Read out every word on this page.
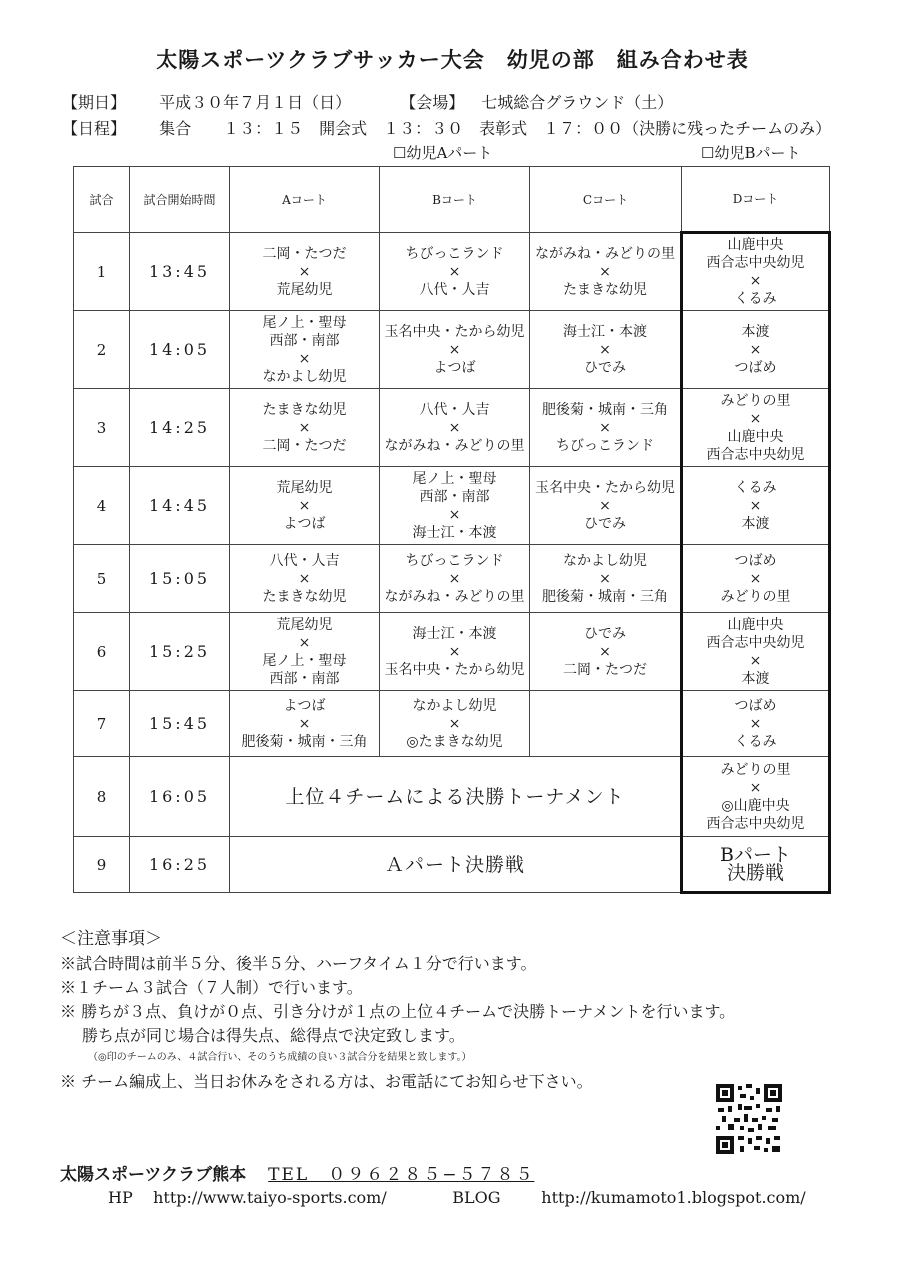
太陽スポーツクラブサッカー大会　幼児の部　組み合わせ表
【期日】 平成３０年７月１日（日）	【会場】 七城総合グラウンド（土）
【日程】 集合　　１３：１５　開会式　１３：３０　表彰式　１７：００（決勝に残ったチームのみ）
☐幼児Aパート	☐幼児Bパート
試合	試合開始時間	Aコート	Bコート	Cコート	Dコート
1	13:45	二岡・たつだ
×
荒尾幼児	ちびっこランド
×
八代・人吉	ながみね・みどりの里
×
たまきな幼児	山鹿中央
西合志中央幼児
×
くるみ

2	14:05	尾ノ上・聖母
西部・南部
×
なかよし幼児	玉名中央・たから幼児
×
よつば	海士江・本渡
×
ひでみ	本渡
×
つばめ

3	14:25	たまきな幼児
×
二岡・たつだ	八代・人吉
×
ながみね・みどりの里	肥後菊・城南・三角
×
ちびっこランド	みどりの里
×
山鹿中央
西合志中央幼児

4	14:45	荒尾幼児
×
よつば	尾ノ上・聖母
西部・南部
×
海士江・本渡	玉名中央・たから幼児
×
ひでみ	くるみ
×
本渡

5	15:05	八代・人吉
×
たまきな幼児	ちびっこランド
×
ながみね・みどりの里	なかよし幼児
×
肥後菊・城南・三角	つばめ
×
みどりの里

6	15:25	荒尾幼児
×
尾ノ上・聖母
西部・南部	海士江・本渡
×
玉名中央・たから幼児	ひでみ
×
二岡・たつだ	山鹿中央
西合志中央幼児
×
本渡

7	15:45	よつば
×
肥後菊・城南・三角	なかよし幼児
×
◎たまきな幼児		つばめ
×
くるみ

8	16:05	上位４チームによる決勝トーナメント			みどりの里
×
◎山鹿中央
西合志中央幼児

9	16:25	Ａパート決勝戦			Bパート
決勝戦
＜注意事項＞
※試合時間は前半５分、後半５分、ハーフタイム１分で行います。
※１チーム３試合（７人制）で行います。
※ 勝ちが３点、負けが０点、引き分けが１点の上位４チームで決勝トーナメントを行います。
勝ち点が同じ場合は得失点、総得点で決定致します。
（◎印のチームのみ、４試合行い、そのうち成績の良い３試合分を結果と致します。）
※ チーム編成上、当日お休みをされる方は、お電話にてお知らせ下さい。
太陽スポーツクラブ熊本 TEL　０９６２８５−５７８５
HP http://www.taiyo-sports.com/	BLOG	http://kumamoto1.blogspot.com/
